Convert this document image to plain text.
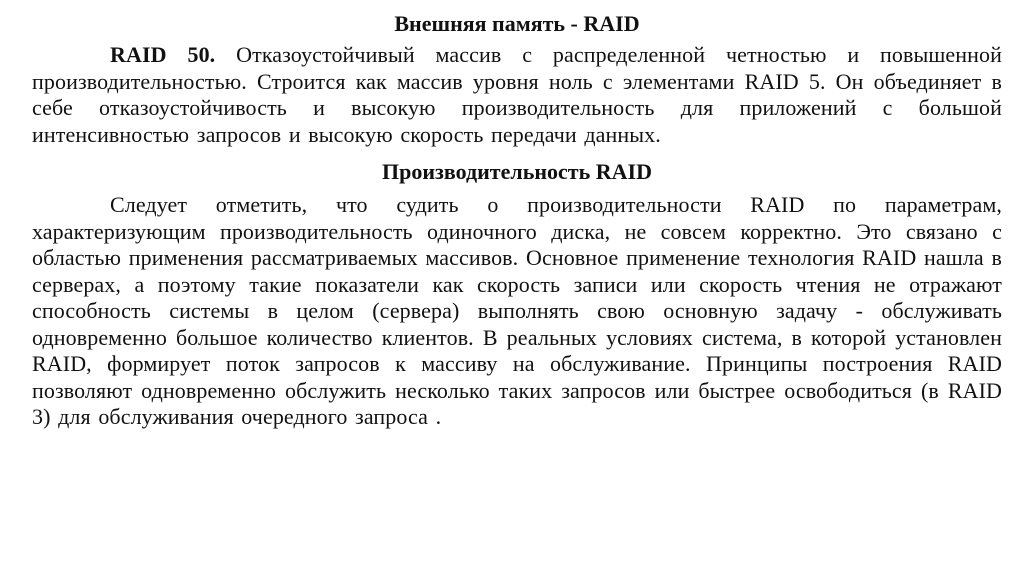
Внешняя память - RAID

RAID 50. Отказоустойчивый массив с распределенной четностью и повышенной производительностью. Строится как массив уровня ноль с элементами RAID 5. Он объединяет в себе отказоустойчивость и высокую производительность для приложений с большой интенсивностью запросов и высокую скорость передачи данных.

Производительность RAID

Следует отметить, что судить о производительности RAID по параметрам, характеризующим производительность одиночного диска, не совсем корректно. Это связано с областью применения рассматриваемых массивов. Основное применение технология RAID нашла в серверах, а поэтому такие показатели как скорость записи или скорость чтения не отражают способность системы в целом (сервера) выполнять свою основную задачу - обслуживать одновременно большое количество клиентов. В реальных условиях система, в которой установлен RAID, формирует поток запросов к массиву на обслуживание. Принципы построения RAID позволяют одновременно обслужить несколько таких запросов или быстрее освободиться (в RAID 3) для обслуживания очередного запроса .
